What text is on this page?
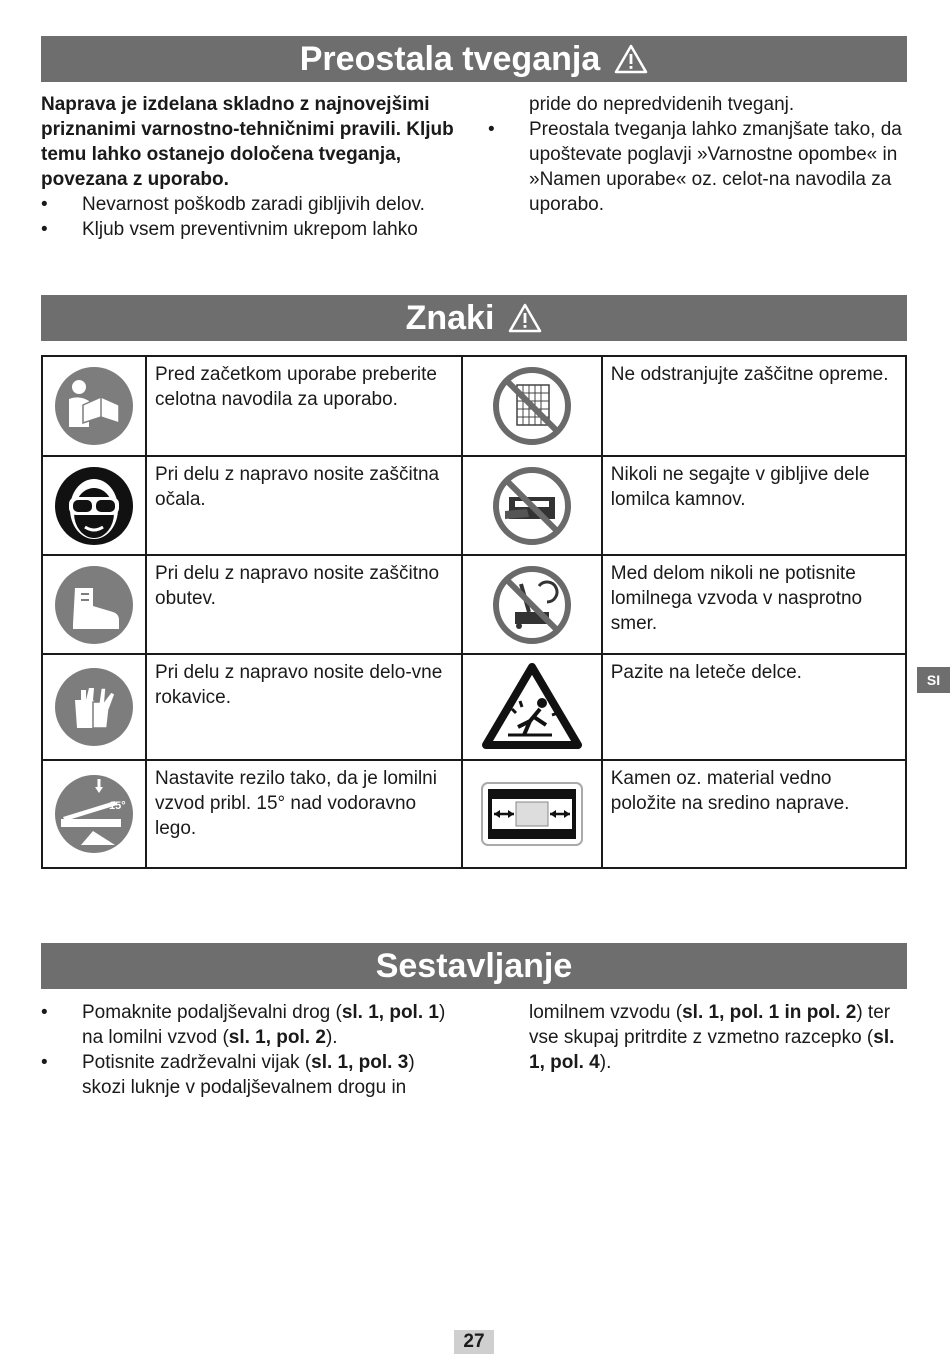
Preostala tveganja

Naprava je izdelana skladno z najnovejšimi priznanimi varnostno-tehničnimi pravili. Kljub temu lahko ostanejo določena tveganja, povezana z uporabo.

• Nevarnost poškodb zaradi gibljivih delov.
• Kljub vsem preventivnim ukrepom lahko

pride do nepredvidenih tveganj.

• Preostala tveganja lahko zmanjšate tako, da upoštevate poglavji »Varnostne opombe« in »Namen uporabe« oz. celot-na navodila za uporabo.
Znaki
	Pred začetkom uporabe preberite celotna navodila za uporabo.		Ne odstranjujte zaščitne opreme.

	Pri delu z napravo nosite zaščitna očala.		Nikoli ne segajte v gibljive dele lomilca kamnov.

	Pri delu z napravo nosite zaščitno obutev.		Med delom nikoli ne potisnite lomilnega vzvoda v nasprotno smer.

	Pri delu z napravo nosite delo-vne rokavice.		Pazite na leteče delce.

15°	Nastavite rezilo tako, da je lomilni vzvod pribl. 15° nad vodoravno lego.		Kamen oz. material vedno položite na sredino naprave.
SI
Sestavljanje
• Pomaknite podaljševalni drog (sl. 1, pol. 1) na lomilni vzvod (sl. 1, pol. 2).
• Potisnite zadrževalni vijak (sl. 1, pol. 3) skozi luknje v podaljševalnem drogu in

lomilnem vzvodu (sl. 1, pol. 1 in pol. 2) ter vse skupaj pritrdite z vzmetno razcepko (sl. 1, pol. 4).

27
